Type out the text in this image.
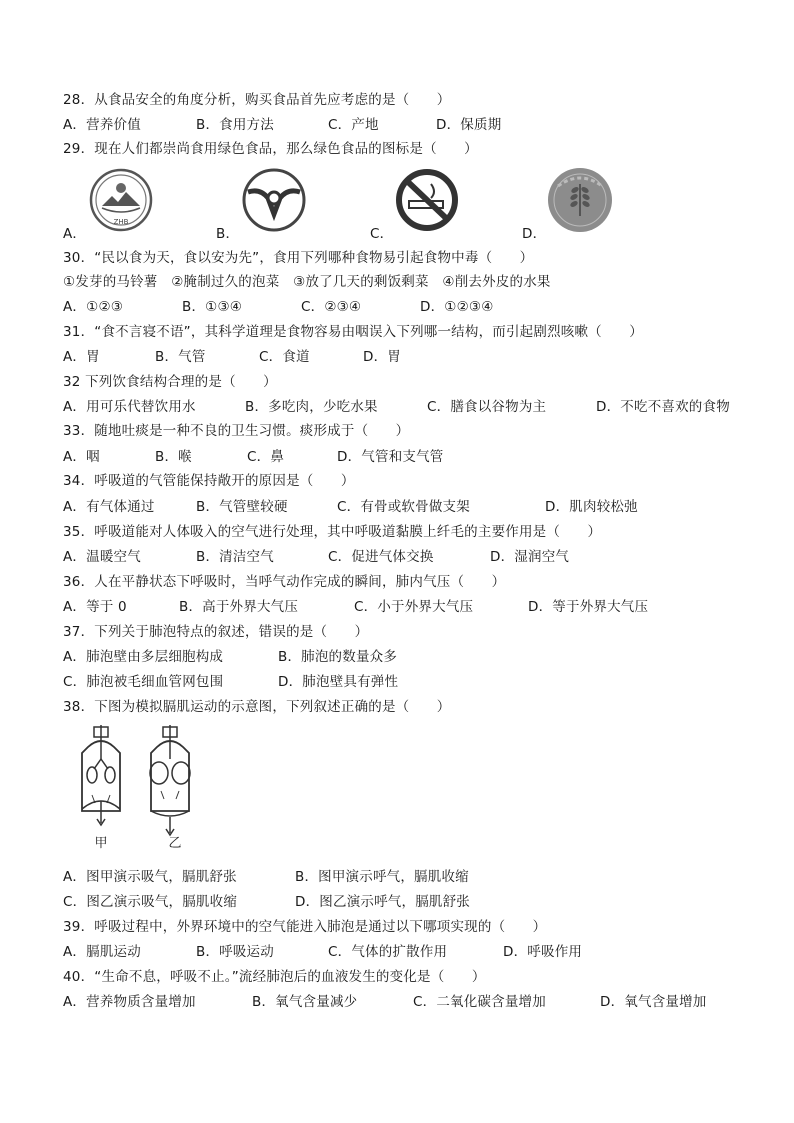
28．从食品安全的角度分析，购买食品首先应考虑的是（　　）
A．营养价值	B．食用方法	C．产地	D．保质期
29．现在人们都崇尚食用绿色食品，那么绿色食品的图标是（　　）
ZHB
A．	B．	C．	D．
30．“民以食为天，食以安为先”，食用下列哪种食物易引起食物中毒（　　）
①发芽的马铃薯　②腌制过久的泡菜　③放了几天的剩饭剩菜　④削去外皮的水果
A．①②③	B．①③④	C．②③④	D．①②③④
31．“食不言寝不语”，其科学道理是食物容易由咽误入下列哪一结构，而引起剧烈咳嗽（　　）
A．胃	B．气管	C．食道	D．胃
32 下列饮食结构合理的是（　　）
A．用可乐代替饮用水	B．多吃肉，少吃水果	C．膳食以谷物为主	D．不吃不喜欢的食物
33．随地吐痰是一种不良的卫生习惯。痰形成于（　　）
A．咽	B．喉	C．鼻	D．气管和支气管
34．呼吸道的气管能保持敞开的原因是（　　）
A．有气体通过	B．气管壁较硬	C．有骨或软骨做支架	D．肌肉较松弛
35．呼吸道能对人体吸入的空气进行处理，其中呼吸道黏膜上纤毛的主要作用是（　　）
A．温暖空气	B．清洁空气	C．促进气体交换	D．湿润空气
36．人在平静状态下呼吸时，当呼气动作完成的瞬间，肺内气压（　　）
A．等于 0	B．高于外界大气压	C．小于外界大气压	D．等于外界大气压
37．下列关于肺泡特点的叙述，错误的是（　　）
A．肺泡壁由多层细胞构成	B．肺泡的数量众多
C．肺泡被毛细血管网包围	D．肺泡壁具有弹性
38．下图为模拟膈肌运动的示意图，下列叙述正确的是（　　）
甲	乙
A．图甲演示吸气，膈肌舒张	B．图甲演示呼气，膈肌收缩
C．图乙演示吸气，膈肌收缩	D．图乙演示呼气，膈肌舒张
39．呼吸过程中，外界环境中的空气能进入肺泡是通过以下哪项实现的（　　）
A．膈肌运动	B．呼吸运动	C．气体的扩散作用	D．呼吸作用
40．“生命不息，呼吸不止。”流经肺泡后的血液发生的变化是（　　）
A．营养物质含量增加	B．氧气含量减少	C．二氧化碳含量增加	D．氧气含量增加
